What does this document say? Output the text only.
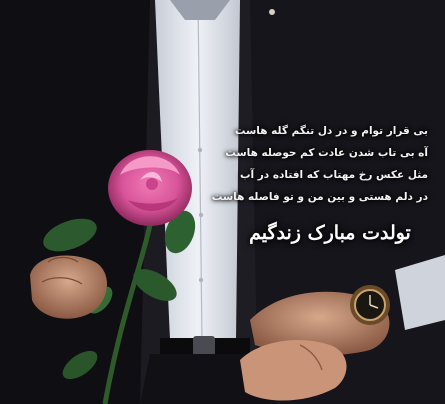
بی قرار توام و در دل تنگم گله هاست
آه بی تاب شدن عادت کم حوصله هاست
مثل عکس رخ مهتاب که افتاده در آب
در دلم هستی و بین من و تو فاصله هاست
تولدت مبارک زندگیم
